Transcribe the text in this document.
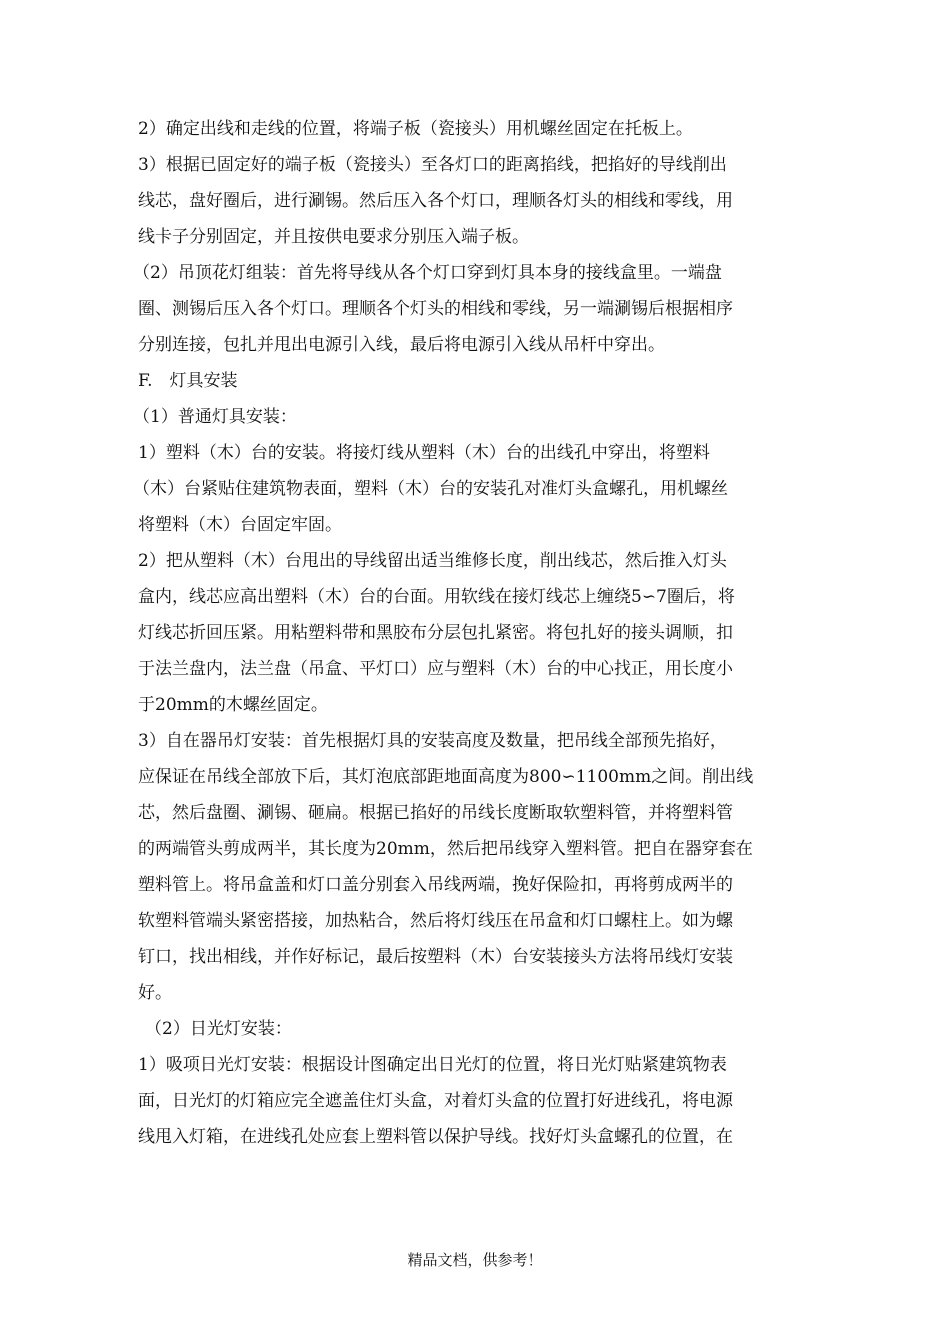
2）确定出线和走线的位置，将端子板（瓷接头）用机螺丝固定在托板上。
3）根据已固定好的端子板（瓷接头）至各灯口的距离掐线，把掐好的导线削出
线芯，盘好圈后，进行涮锡。然后压入各个灯口，理顺各灯头的相线和零线，用
线卡子分别固定，并且按供电要求分别压入端子板。
（2）吊顶花灯组装：首先将导线从各个灯口穿到灯具本身的接线盒里。一端盘
圈、测锡后压入各个灯口。理顺各个灯头的相线和零线，另一端涮锡后根据相序
分别连接，包扎并甩出电源引入线，最后将电源引入线从吊杆中穿出。
F.　灯具安装
（1）普通灯具安装：
1）塑料（木）台的安装。将接灯线从塑料（木）台的出线孔中穿出，将塑料
（木）台紧贴住建筑物表面，塑料（木）台的安装孔对准灯头盒螺孔，用机螺丝
将塑料（木）台固定牢固。
2）把从塑料（木）台甩出的导线留出适当维修长度，削出线芯，然后推入灯头
盒内，线芯应高出塑料（木）台的台面。用软线在接灯线芯上缠绕5∽7圈后，将
灯线芯折回压紧。用粘塑料带和黑胶布分层包扎紧密。将包扎好的接头调顺，扣
于法兰盘内，法兰盘（吊盒、平灯口）应与塑料（木）台的中心找正，用长度小
于20mm的木螺丝固定。
3）自在器吊灯安装：首先根据灯具的安装高度及数量，把吊线全部预先掐好，
应保证在吊线全部放下后，其灯泡底部距地面高度为800∽1100mm之间。削出线
芯，然后盘圈、涮锡、砸扁。根据已掐好的吊线长度断取软塑料管，并将塑料管
的两端管头剪成两半，其长度为20mm，然后把吊线穿入塑料管。把自在器穿套在
塑料管上。将吊盒盖和灯口盖分别套入吊线两端，挽好保险扣，再将剪成两半的
软塑料管端头紧密搭接，加热粘合，然后将灯线压在吊盒和灯口螺柱上。如为螺
钉口，找出相线，并作好标记，最后按塑料（木）台安装接头方法将吊线灯安装
好。
（2）日光灯安装：
1）吸项日光灯安装：根据设计图确定出日光灯的位置，将日光灯贴紧建筑物表
面，日光灯的灯箱应完全遮盖住灯头盒，对着灯头盒的位置打好进线孔，将电源
线甩入灯箱，在进线孔处应套上塑料管以保护导线。找好灯头盒螺孔的位置，在
精品文档，供参考！
